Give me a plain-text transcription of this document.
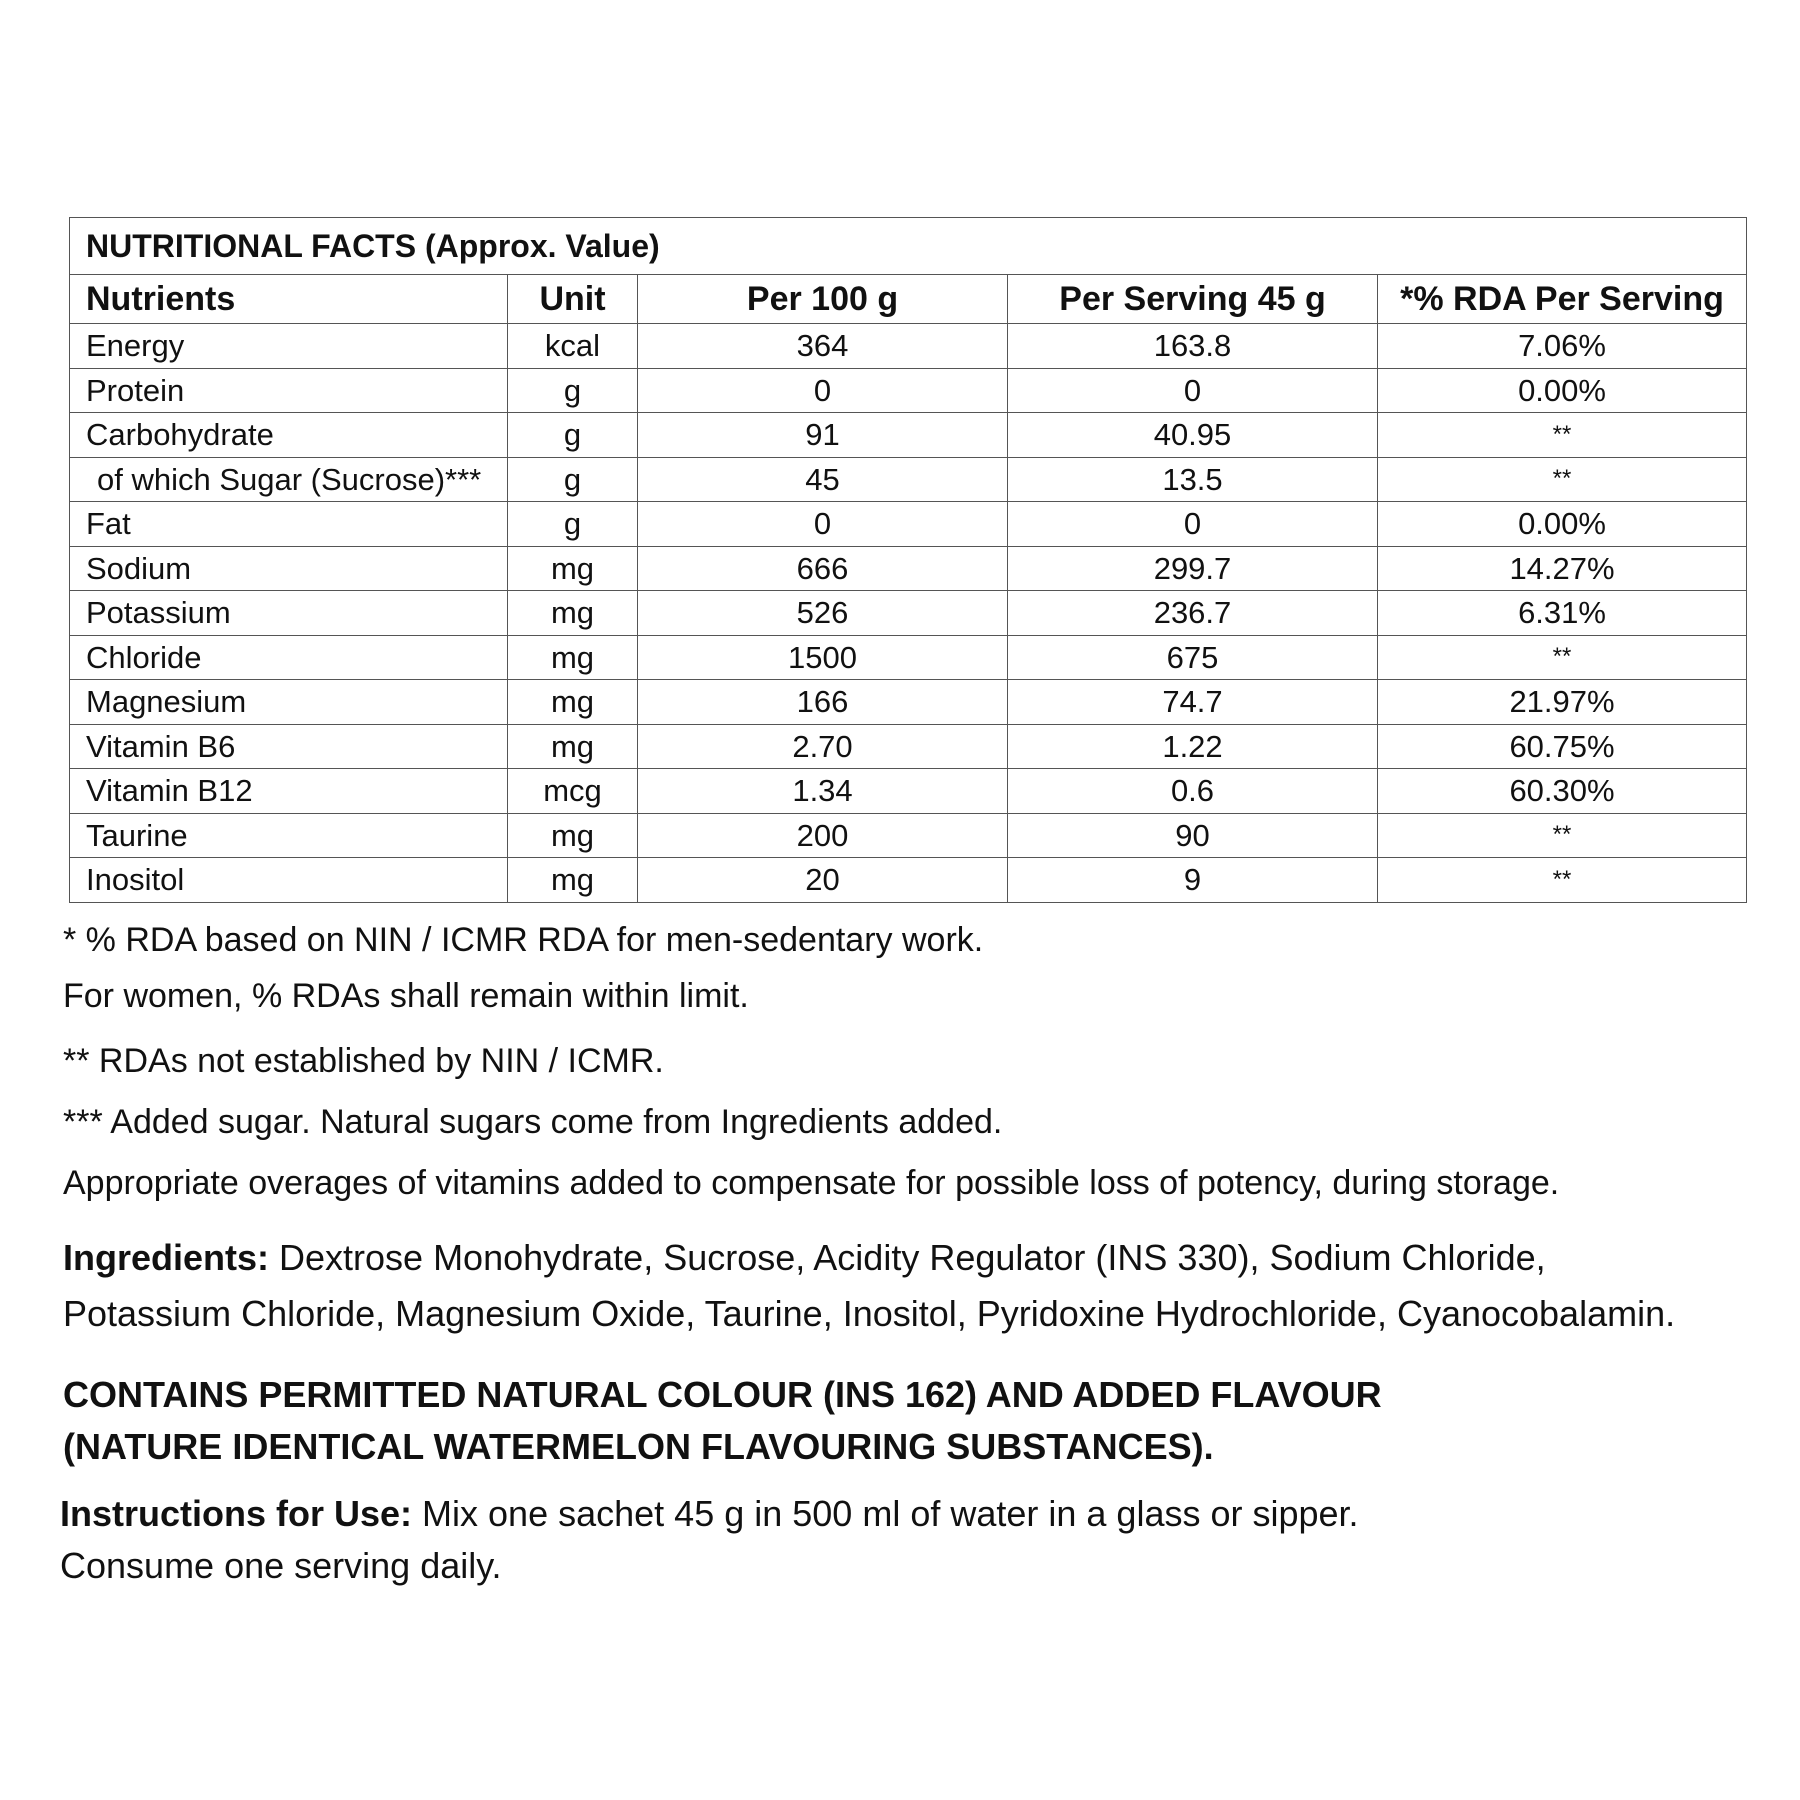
NUTRITIONAL FACTS (Approx. Value)				
Nutrients	Unit	Per 100 g	Per Serving 45 g	*% RDA Per Serving
Energy	kcal	364	163.8	7.06%
Protein	g	0	0	0.00%
Carbohydrate	g	91	40.95	**
of which Sugar (Sucrose)***	g	45	13.5	**
Fat	g	0	0	0.00%
Sodium	mg	666	299.7	14.27%
Potassium	mg	526	236.7	6.31%
Chloride	mg	1500	675	**
Magnesium	mg	166	74.7	21.97%
Vitamin B6	mg	2.70	1.22	60.75%
Vitamin B12	mcg	1.34	0.6	60.30%
Taurine	mg	200	90	**
Inositol	mg	20	9	**
* % RDA based on NIN / ICMR RDA for men-sedentary work.
For women, % RDAs shall remain within limit.
** RDAs not established by NIN / ICMR.
*** Added sugar. Natural sugars come from Ingredients added.
Appropriate overages of vitamins added to compensate for possible loss of potency, during storage.
Ingredients: Dextrose Monohydrate, Sucrose, Acidity Regulator (INS 330), Sodium Chloride,
Potassium Chloride, Magnesium Oxide, Taurine, Inositol, Pyridoxine Hydrochloride, Cyanocobalamin.
CONTAINS PERMITTED NATURAL COLOUR (INS 162) AND ADDED FLAVOUR
(NATURE IDENTICAL WATERMELON FLAVOURING SUBSTANCES).
Instructions for Use: Mix one sachet 45 g in 500 ml of water in a glass or sipper.
Consume one serving daily.
